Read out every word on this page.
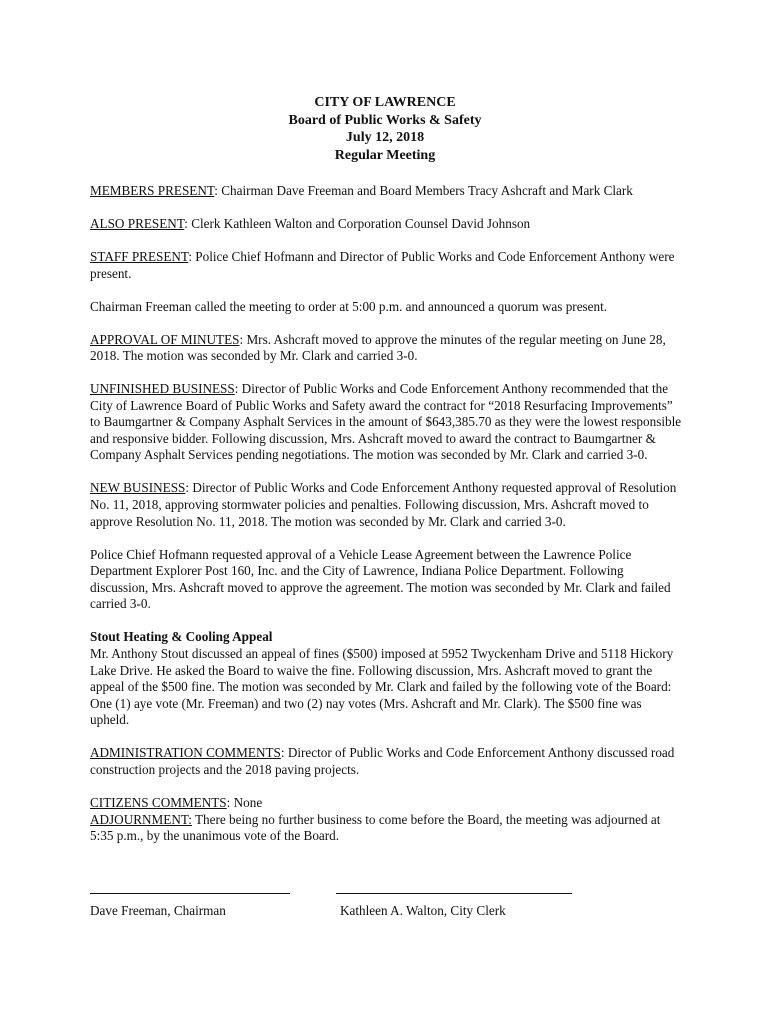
CITY OF LAWRENCE
Board of Public Works & Safety
July 12, 2018
Regular Meeting

MEMBERS PRESENT: Chairman Dave Freeman and Board Members Tracy Ashcraft and Mark Clark

ALSO PRESENT: Clerk Kathleen Walton and Corporation Counsel David Johnson

STAFF PRESENT: Police Chief Hofmann and Director of Public Works and Code Enforcement Anthony were present.

Chairman Freeman called the meeting to order at 5:00 p.m. and announced a quorum was present.

APPROVAL OF MINUTES: Mrs. Ashcraft moved to approve the minutes of the regular meeting on June 28, 2018. The motion was seconded by Mr. Clark and carried 3-0.

UNFINISHED BUSINESS: Director of Public Works and Code Enforcement Anthony recommended that the City of Lawrence Board of Public Works and Safety award the contract for “2018 Resurfacing Improvements” to Baumgartner & Company Asphalt Services in the amount of $643,385.70 as they were the lowest responsible and responsive bidder. Following discussion, Mrs. Ashcraft moved to award the contract to Baumgartner & Company Asphalt Services pending negotiations. The motion was seconded by Mr. Clark and carried 3-0.

NEW BUSINESS: Director of Public Works and Code Enforcement Anthony requested approval of Resolution No. 11, 2018, approving stormwater policies and penalties. Following discussion, Mrs. Ashcraft moved to approve Resolution No. 11, 2018. The motion was seconded by Mr. Clark and carried 3-0.

Police Chief Hofmann requested approval of a Vehicle Lease Agreement between the Lawrence Police Department Explorer Post 160, Inc. and the City of Lawrence, Indiana Police Department. Following discussion, Mrs. Ashcraft moved to approve the agreement. The motion was seconded by Mr. Clark and failed carried 3-0.

Stout Heating & Cooling Appeal
Mr. Anthony Stout discussed an appeal of fines ($500) imposed at 5952 Twyckenham Drive and 5118 Hickory Lake Drive. He asked the Board to waive the fine. Following discussion, Mrs. Ashcraft moved to grant the appeal of the $500 fine. The motion was seconded by Mr. Clark and failed by the following vote of the Board: One (1) aye vote (Mr. Freeman) and two (2) nay votes (Mrs. Ashcraft and Mr. Clark). The $500 fine was upheld.

ADMINISTRATION COMMENTS: Director of Public Works and Code Enforcement Anthony discussed road construction projects and the 2018 paving projects.

CITIZENS COMMENTS: None

ADJOURNMENT: There being no further business to come before the Board, the meeting was adjourned at 5:35 p.m., by the unanimous vote of the Board.

Dave Freeman, Chairman	Kathleen A. Walton, City Clerk
